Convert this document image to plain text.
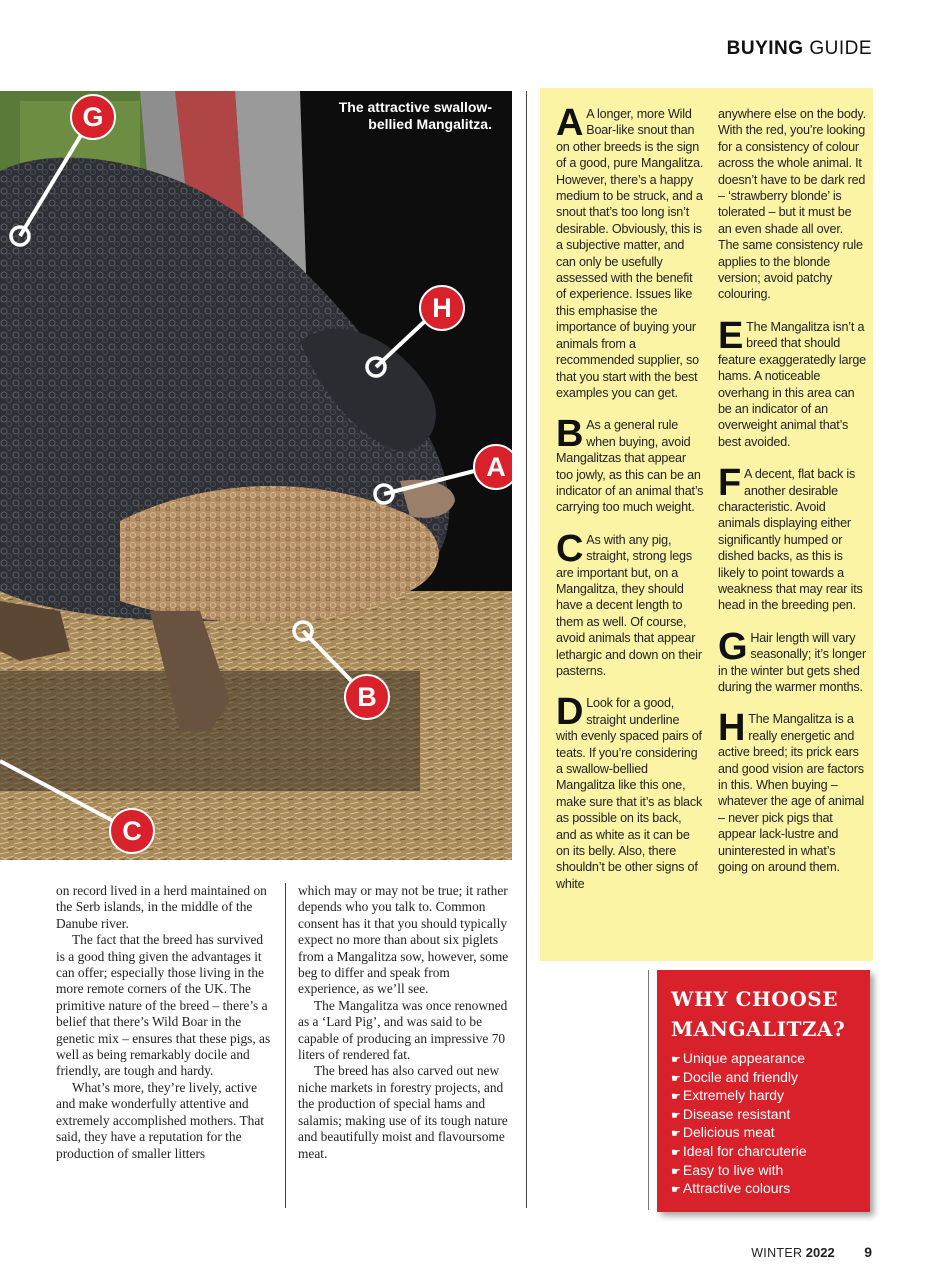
BUYING GUIDE
The attractive swallow-bellied Mangalitza.
G
H
A
B
C

on record lived in a herd maintained on the Serb islands, in the middle of the Danube river.

The fact that the breed has survived is a good thing given the advantages it can offer; especially those living in the more remote corners of the UK. The primitive nature of the breed – there’s a belief that there’s Wild Boar in the genetic mix – ensures that these pigs, as well as being remarkably docile and friendly, are tough and hardy.

What’s more, they’re lively, active and make wonderfully attentive and extremely accomplished mothers. That said, they have a reputation for the production of smaller litters

which may or may not be true; it rather depends who you talk to. Common consent has it that you should typically expect no more than about six piglets from a Mangalitza sow, however, some beg to differ and speak from experience, as we’ll see.

The Mangalitza was once renowned as a ‘Lard Pig’, and was said to be capable of producing an impressive 70 liters of rendered fat.

The breed has also carved out new niche markets in forestry projects, and the production of special hams and salamis; making use of its tough nature and beautifully moist and flavoursome meat.

A A longer, more Wild Boar-like snout than on other breeds is the sign of a good, pure Mangalitza. However, there’s a happy medium to be struck, and a snout that’s too long isn’t desirable. Obviously, this is a subjective matter, and can only be usefully assessed with the benefit of experience. Issues like this emphasise the importance of buying your animals from a recommended supplier, so that you start with the best examples you can get.

B As a general rule when buying, avoid Mangalitzas that appear too jowly, as this can be an indicator of an animal that’s carrying too much weight.

C As with any pig, straight, strong legs are important but, on a Mangalitza, they should have a decent length to them as well. Of course, avoid animals that appear lethargic and down on their pasterns.

D Look for a good, straight underline with evenly spaced pairs of teats. If you’re considering a swallow-bellied Mangalitza like this one, make sure that it’s as black as possible on its back, and as white as it can be on its belly. Also, there shouldn’t be other signs of white

anywhere else on the body. With the red, you’re looking for a consistency of colour across the whole animal. It doesn’t have to be dark red – ‘strawberry blonde’ is tolerated – but it must be an even shade all over. The same consistency rule applies to the blonde version; avoid patchy colouring.

E The Mangalitza isn’t a breed that should feature exaggeratedly large hams. A noticeable overhang in this area can be an indicator of an overweight animal that’s best avoided.

F A decent, flat back is another desirable characteristic. Avoid animals displaying either significantly humped or dished backs, as this is likely to point towards a weakness that may rear its head in the breeding pen.

G Hair length will vary seasonally; it’s longer in the winter but gets shed during the warmer months.

H The Mangalitza is a really energetic and active breed; its prick ears and good vision are factors in this. When buying – whatever the age of animal – never pick pigs that appear lack-lustre and uninterested in what’s going on around them.

WHY CHOOSE
MANGALITZA?
☛ Unique appearance
☛ Docile and friendly
☛ Extremely hardy
☛ Disease resistant
☛ Delicious meat
☛ Ideal for charcuterie
☛ Easy to live with
☛ Attractive colours
WINTER 2022 9
